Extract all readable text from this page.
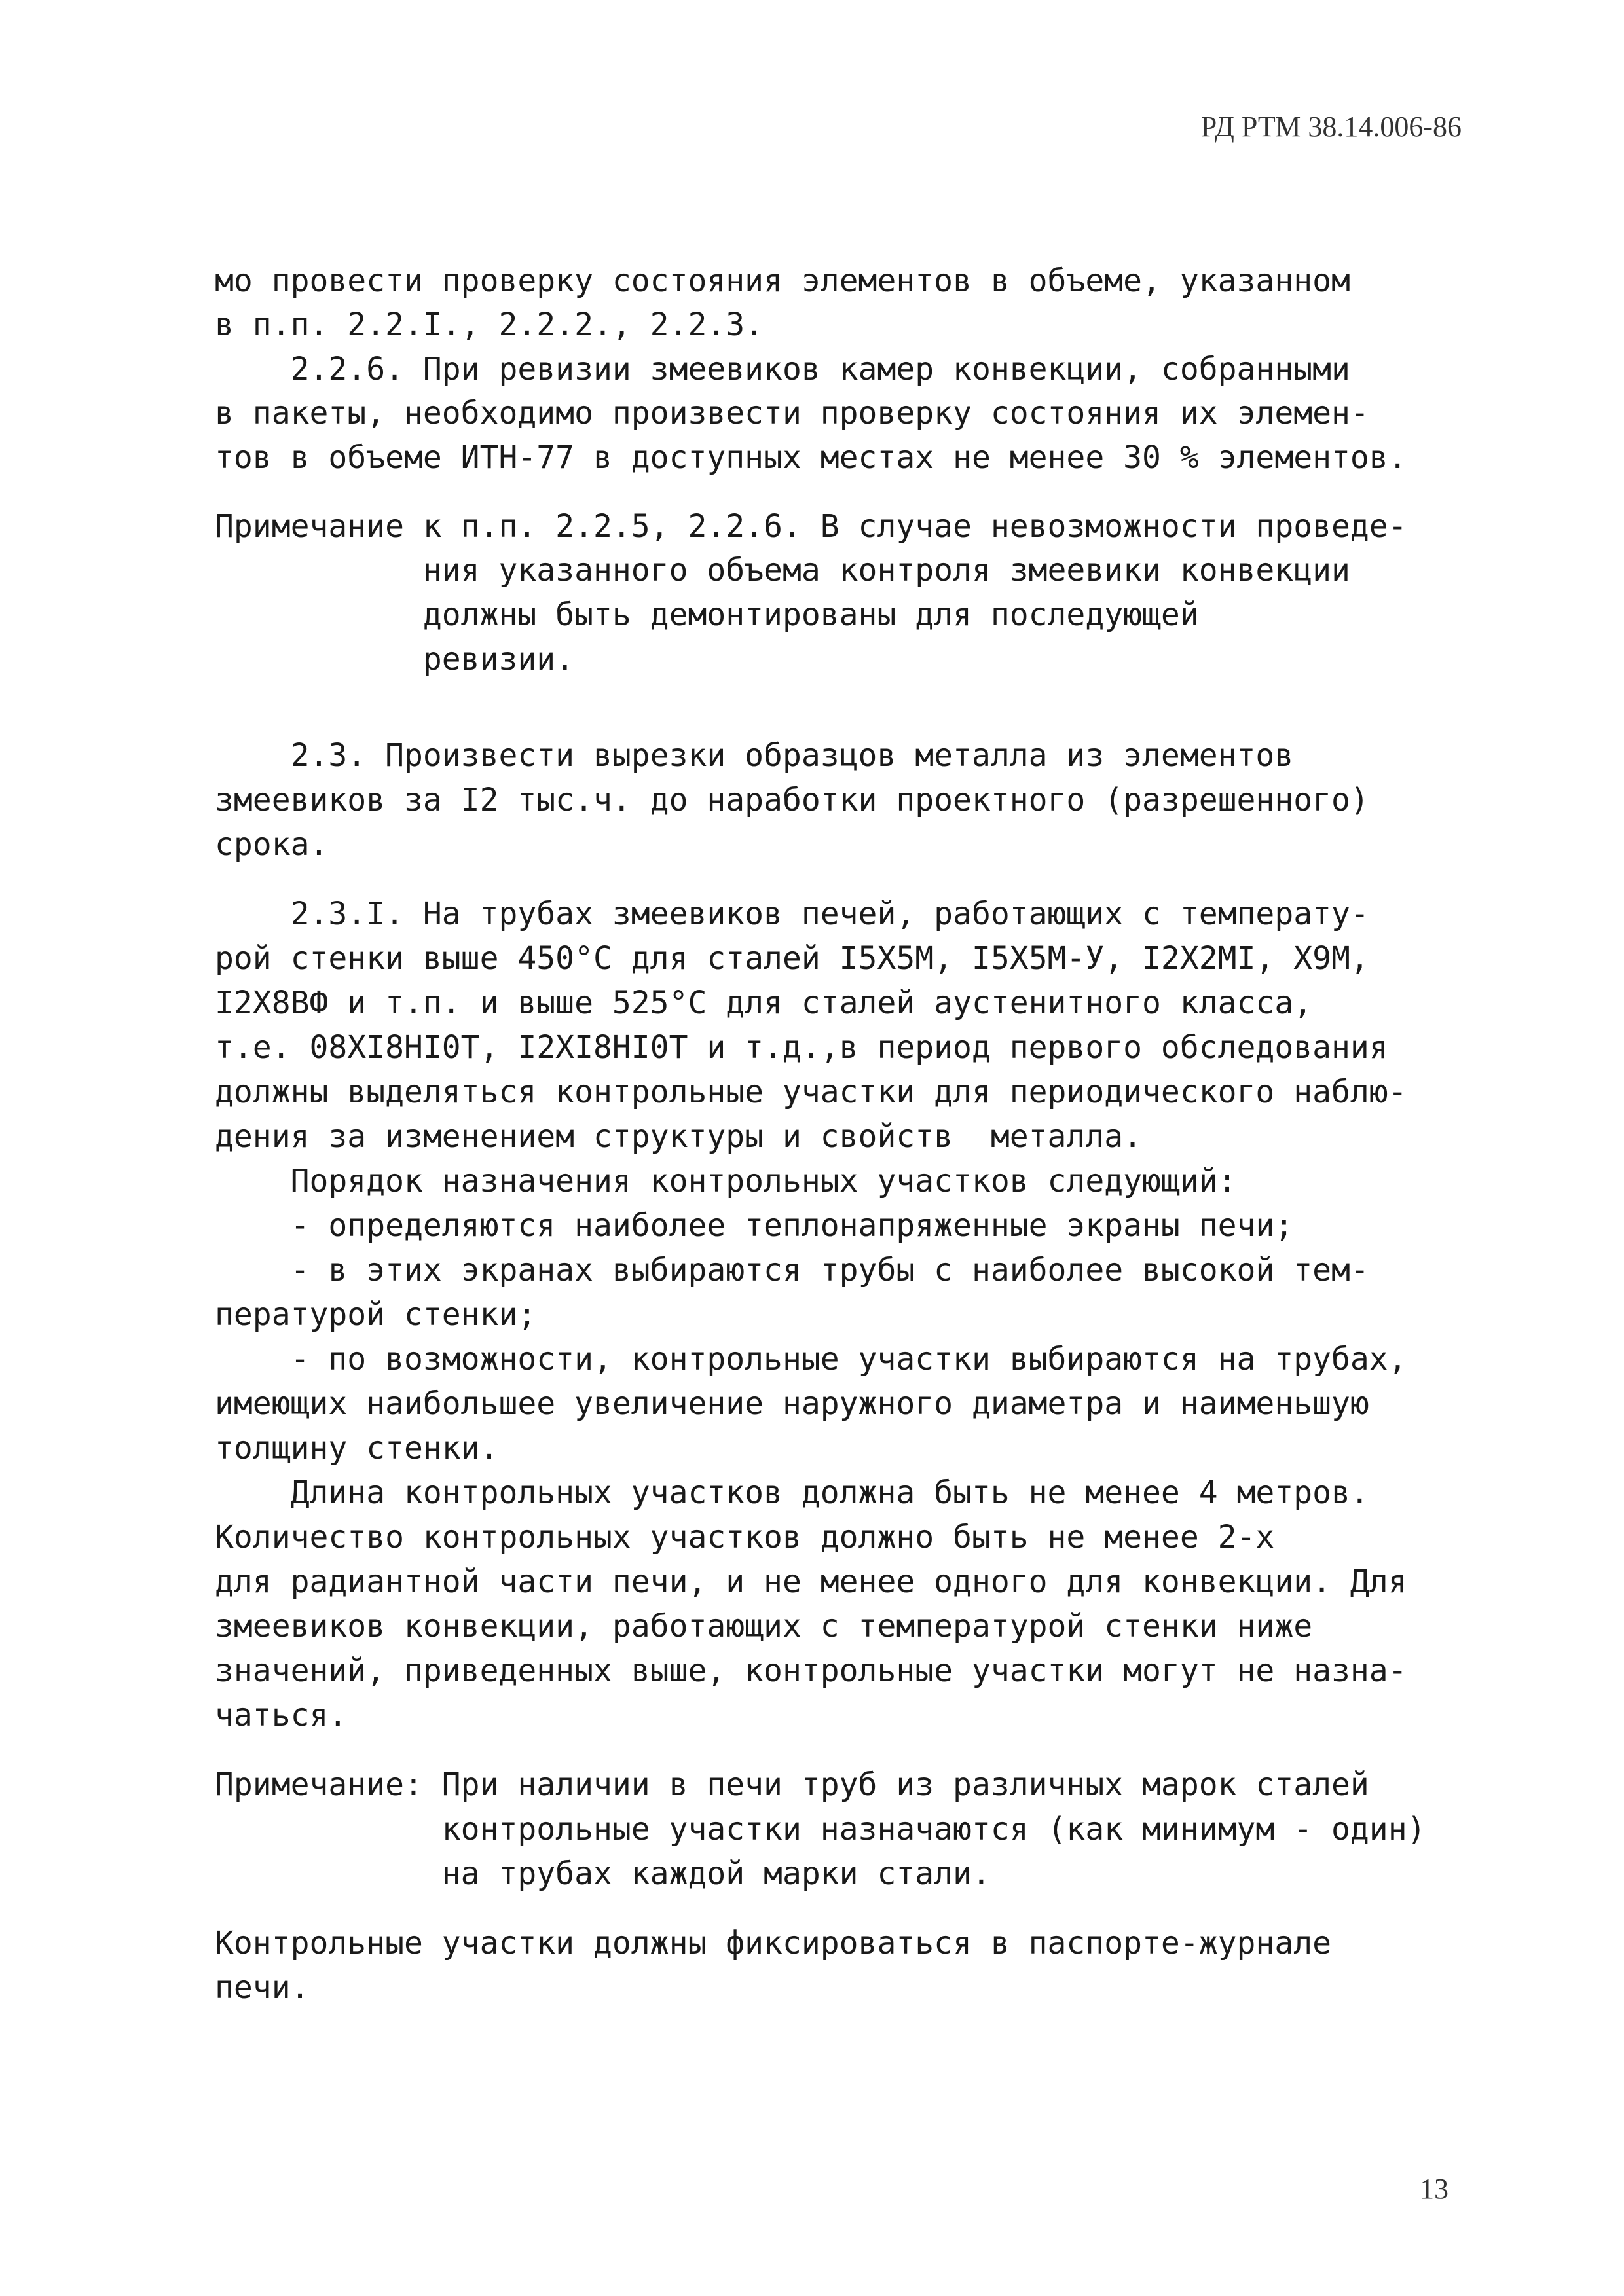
РД РТМ 38.14.006-86
мо провести проверку состояния элементов в объеме, указанном
в п.п. 2.2.I., 2.2.2., 2.2.3.
2.2.6. При ревизии змеевиков камер конвекции, собранными
в пакеты, необходимо произвести проверку состояния их элемен-
тов в объеме ИТН-77 в доступных местах не менее 30 % элементов.
Примечание к п.п. 2.2.5, 2.2.6. В случае невозможности проведе-
ния указанного объема контроля змеевики конвекции
должны быть демонтированы для последующей
ревизии.
2.3. Произвести вырезки образцов металла из элементов
змеевиков за I2 тыс.ч. до наработки проектного (разрешенного)
срока.
2.3.I. На трубах змеевиков печей, работающих с температу-
рой стенки выше 450°С для сталей I5Х5М, I5Х5М-У, I2Х2МI, Х9М,
I2Х8ВФ и т.п. и выше 525°С для сталей аустенитного класса,
т.е. 08ХI8НI0Т, I2ХI8НI0Т и т.д.,в период первого обследования
должны выделяться контрольные участки для периодического наблю-
дения за изменением структуры и свойств  металла.
Порядок назначения контрольных участков следующий:
- определяются наиболее теплонапряженные экраны печи;
- в этих экранах выбираются трубы с наиболее высокой тем-
пературой стенки;
- по возможности, контрольные участки выбираются на трубах,
имеющих наибольшее увеличение наружного диаметра и наименьшую
толщину стенки.
Длина контрольных участков должна быть не менее 4 метров.
Количество контрольных участков должно быть не менее 2-х
для радиантной части печи, и не менее одного для конвекции. Для
змеевиков конвекции, работающих с температурой стенки ниже
значений, приведенных выше, контрольные участки могут не назна-
чаться.
Примечание: При наличии в печи труб из различных марок сталей
контрольные участки назначаются (как минимум - один)
на трубах каждой марки стали.
Контрольные участки должны фиксироваться в паспорте-журнале
печи.
13
